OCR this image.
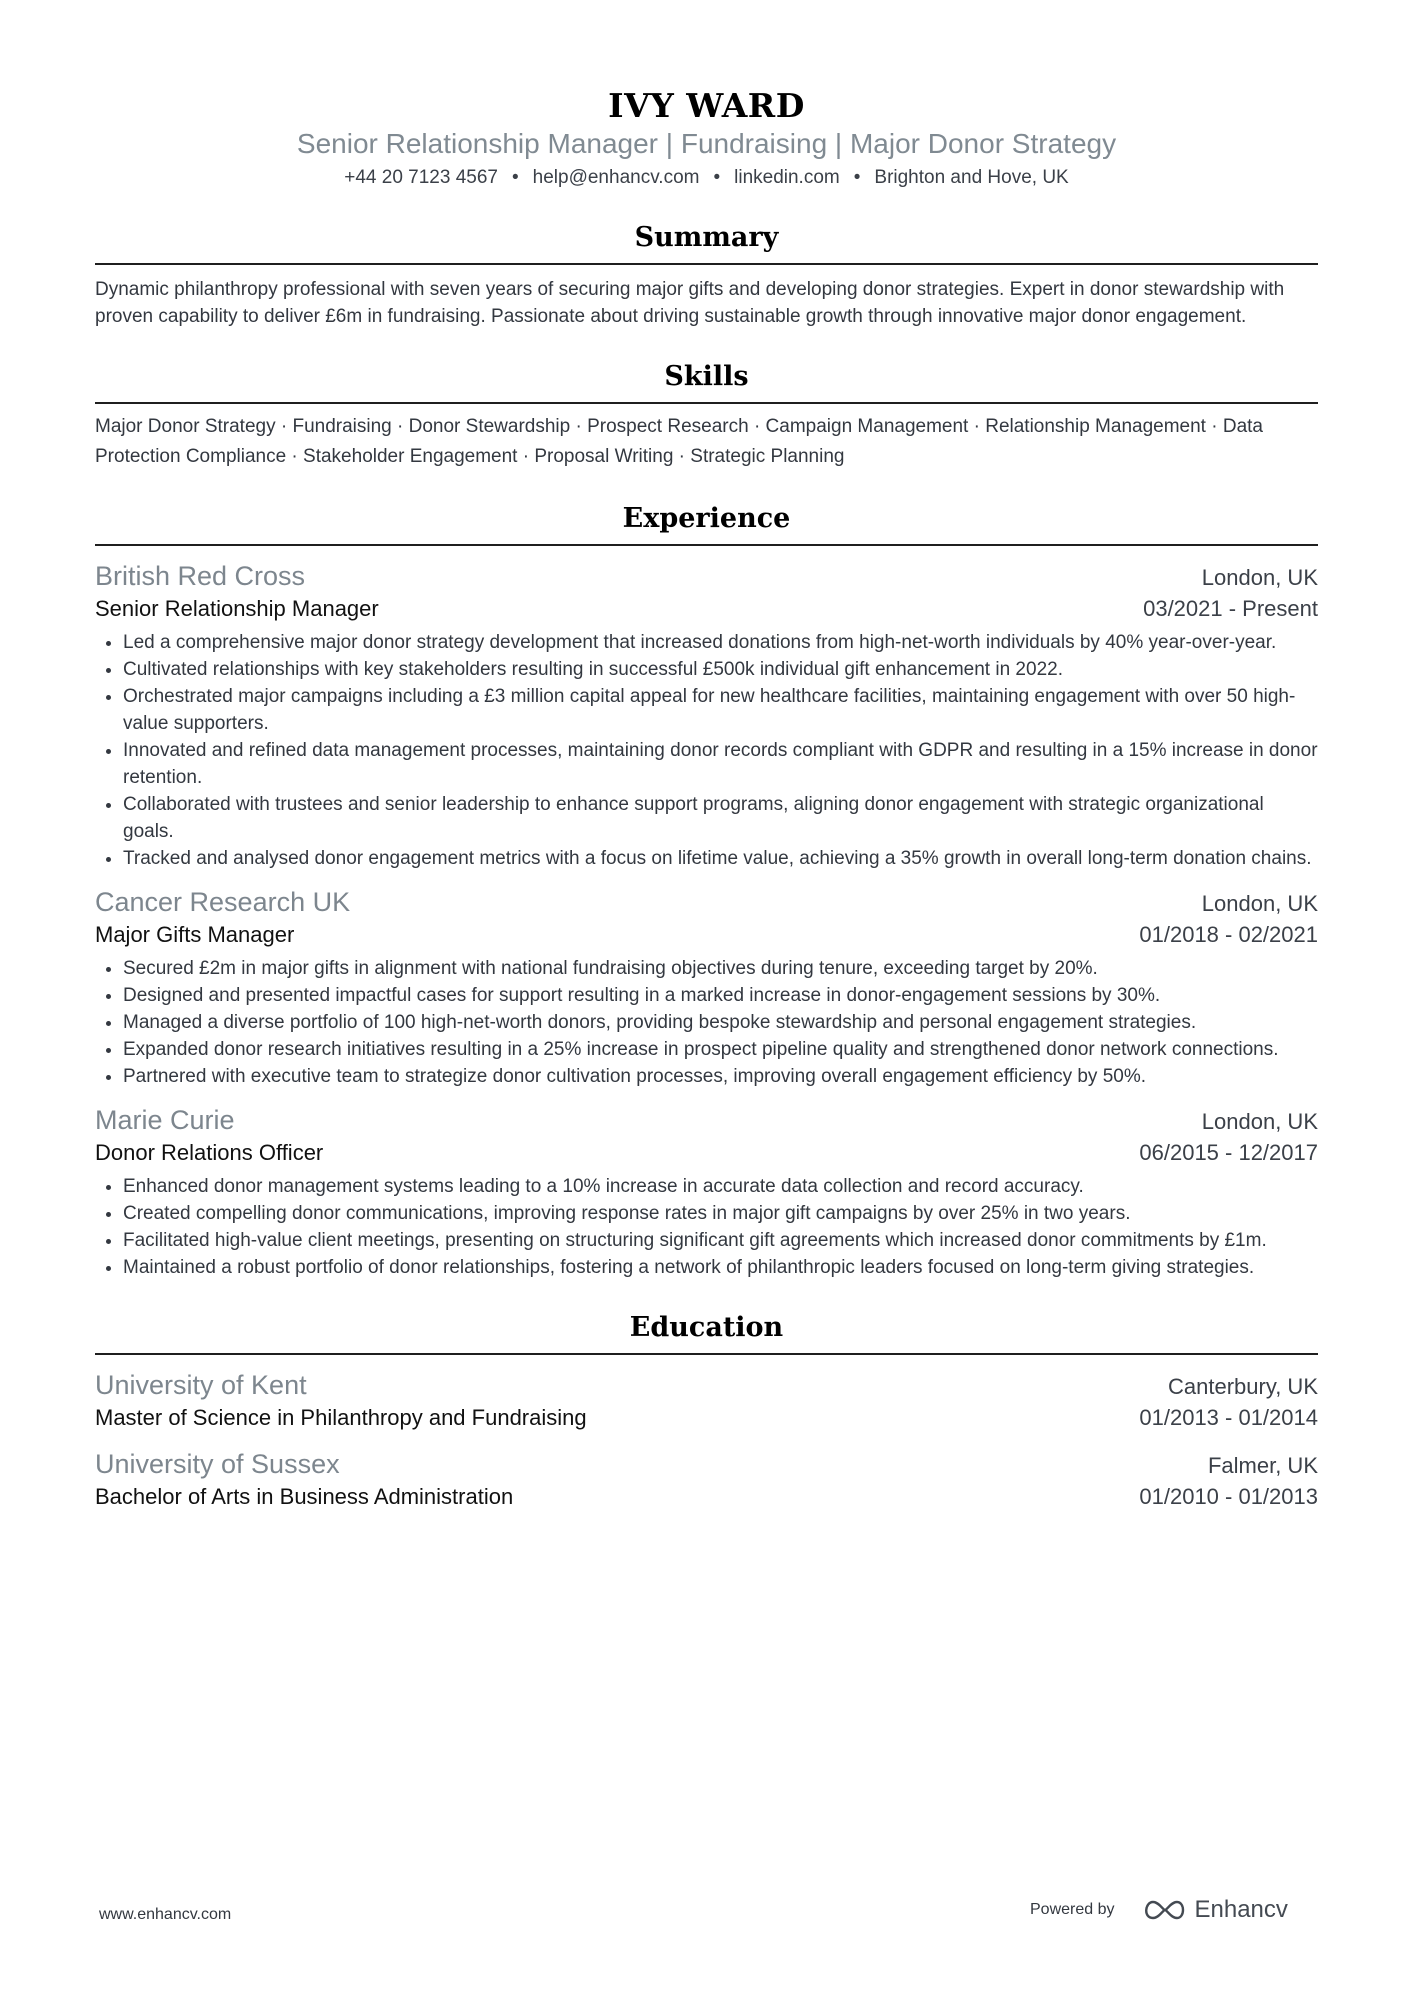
IVY WARD
Senior Relationship Manager | Fundraising | Major Donor Strategy
+44 20 7123 4567 • help@enhancv.com • linkedin.com • Brighton and Hove, UK
Summary
Dynamic philanthropy professional with seven years of securing major gifts and developing donor strategies. Expert in donor stewardship with proven capability to deliver £6m in fundraising. Passionate about driving sustainable growth through innovative major donor engagement.
Skills
Major Donor Strategy · Fundraising · Donor Stewardship · Prospect Research · Campaign Management · Relationship Management · Data Protection Compliance · Stakeholder Engagement · Proposal Writing · Strategic Planning
Experience
British Red Cross	London, UK
Senior Relationship Manager	03/2021 - Present
• Led a comprehensive major donor strategy development that increased donations from high-net-worth individuals by 40% year-over-year.
• Cultivated relationships with key stakeholders resulting in successful £500k individual gift enhancement in 2022.
• Orchestrated major campaigns including a £3 million capital appeal for new healthcare facilities, maintaining engagement with over 50 high-value supporters.
• Innovated and refined data management processes, maintaining donor records compliant with GDPR and resulting in a 15% increase in donor retention.
• Collaborated with trustees and senior leadership to enhance support programs, aligning donor engagement with strategic organizational goals.
• Tracked and analysed donor engagement metrics with a focus on lifetime value, achieving a 35% growth in overall long-term donation chains.
Cancer Research UK	London, UK
Major Gifts Manager	01/2018 - 02/2021
• Secured £2m in major gifts in alignment with national fundraising objectives during tenure, exceeding target by 20%.
• Designed and presented impactful cases for support resulting in a marked increase in donor-engagement sessions by 30%.
• Managed a diverse portfolio of 100 high-net-worth donors, providing bespoke stewardship and personal engagement strategies.
• Expanded donor research initiatives resulting in a 25% increase in prospect pipeline quality and strengthened donor network connections.
• Partnered with executive team to strategize donor cultivation processes, improving overall engagement efficiency by 50%.
Marie Curie	London, UK
Donor Relations Officer	06/2015 - 12/2017
• Enhanced donor management systems leading to a 10% increase in accurate data collection and record accuracy.
• Created compelling donor communications, improving response rates in major gift campaigns by over 25% in two years.
• Facilitated high-value client meetings, presenting on structuring significant gift agreements which increased donor commitments by £1m.
• Maintained a robust portfolio of donor relationships, fostering a network of philanthropic leaders focused on long-term giving strategies.
Education
University of Kent	Canterbury, UK
Master of Science in Philanthropy and Fundraising	01/2013 - 01/2014
University of Sussex	Falmer, UK
Bachelor of Arts in Business Administration	01/2010 - 01/2013
www.enhancv.com	Powered by	Enhancv
